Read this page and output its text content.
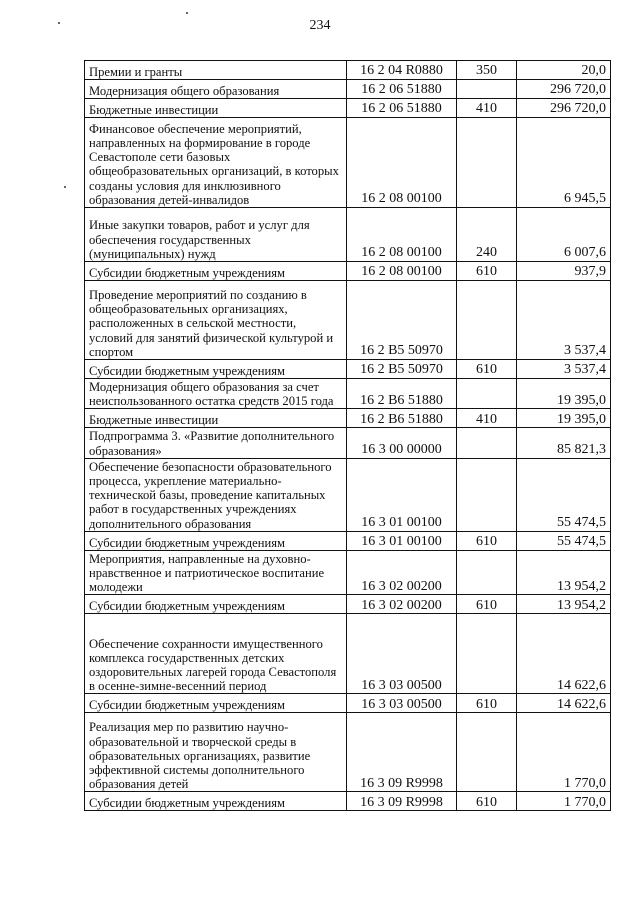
234
Премии и гранты	16 2 04 R0880	350	20,0

Модернизация общего образования	16 2 06 51880		296 720,0

Бюджетные инвестиции	16 2 06 51880	410	296 720,0

Финансовое обеспечение мероприятий, направленных на формирование в городе Севастополе сети базовых общеобразовательных организаций, в которых созданы условия для инклюзивного образования детей-инвалидов	16 2 08 00100		6 945,5

Иные закупки товаров, работ и услуг для обеспечения государственных (муниципальных) нужд	16 2 08 00100	240	6 007,6

Субсидии бюджетным учреждениям	16 2 08 00100	610	937,9

Проведение мероприятий по созданию в общеобразовательных организациях, расположенных в сельской местности, условий для занятий физической культурой и спортом	16 2 B5 50970		3 537,4

Субсидии бюджетным учреждениям	16 2 B5 50970	610	3 537,4

Модернизация общего образования за счет неиспользованного остатка средств 2015 года	16 2 B6 51880		19 395,0

Бюджетные инвестиции	16 2 B6 51880	410	19 395,0

Подпрограмма 3. «Развитие дополнительного образования»	16 3 00 00000		85 821,3

Обеспечение безопасности образовательного процесса, укрепление материально-технической базы, проведение капитальных работ в государственных учреждениях дополнительного образования	16 3 01 00100		55 474,5

Субсидии бюджетным учреждениям	16 3 01 00100	610	55 474,5

Мероприятия, направленные на духовно-нравственное и патриотическое воспитание молодежи	16 3 02 00200		13 954,2

Субсидии бюджетным учреждениям	16 3 02 00200	610	13 954,2

Обеспечение сохранности имущественного комплекса государственных детских оздоровительных лагерей города Севастополя в осенне-зимне-весенний период	16 3 03 00500		14 622,6

Субсидии бюджетным учреждениям	16 3 03 00500	610	14 622,6

Реализация мер по развитию научно-образовательной и творческой среды в образовательных организациях, развитие эффективной системы дополнительного образования детей	16 3 09 R9998		1 770,0

Субсидии бюджетным учреждениям	16 3 09 R9998	610	1 770,0
